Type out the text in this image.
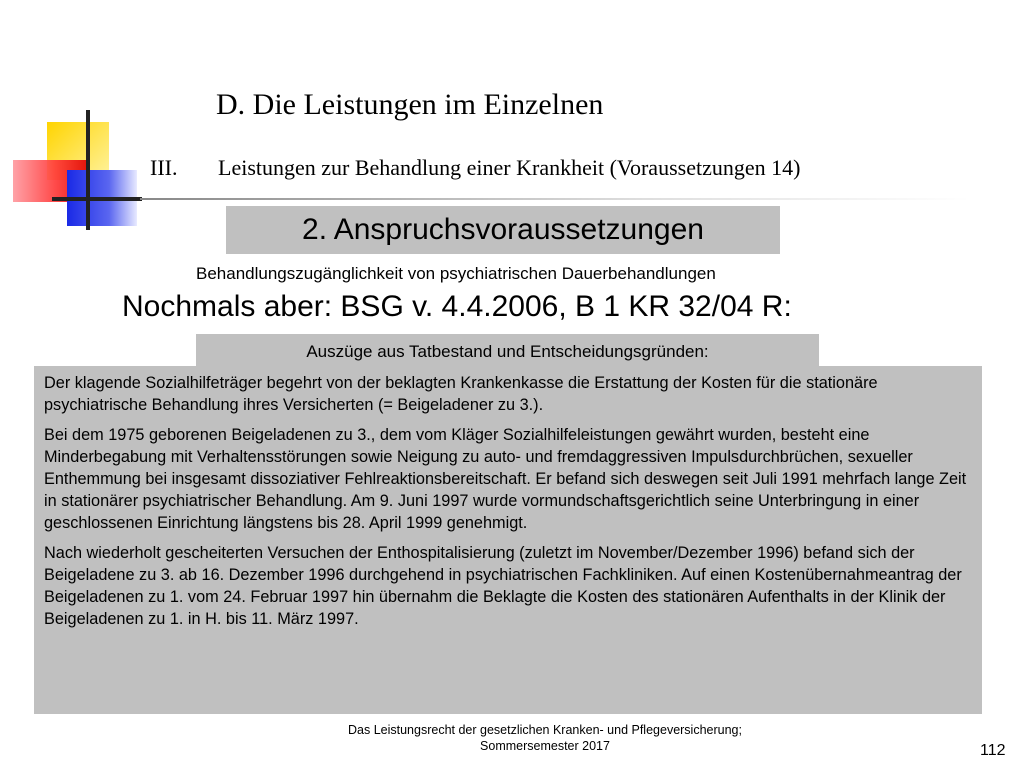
D. Die Leistungen im Einzelnen
III. Leistungen zur Behandlung einer Krankheit (Voraussetzungen 14)
2. Anspruchsvoraussetzungen
Behandlungszugänglichkeit von psychiatrischen Dauerbehandlungen
Nochmals aber: BSG v. 4.4.2006, B 1 KR 32/04 R:
Auszüge aus Tatbestand und Entscheidungsgründen:

Der klagende Sozialhilfeträger begehrt von der beklagten Krankenkasse die Erstattung der Kosten für die stationäre psychiatrische Behandlung ihres Versicherten (= Beigeladener zu 3.).

Bei dem 1975 geborenen Beigeladenen zu 3., dem vom Kläger Sozialhilfeleistungen gewährt wurden, besteht eine Minderbegabung mit Verhaltensstörungen sowie Neigung zu auto- und fremdaggressiven Impulsdurchbrüchen, sexueller Enthemmung bei insgesamt dissoziativer Fehlreaktionsbereitschaft. Er befand sich deswegen seit Juli 1991 mehrfach lange Zeit in stationärer psychiatrischer Behandlung. Am 9. Juni 1997 wurde vormundschaftsgerichtlich seine Unterbringung in einer geschlossenen Einrichtung längstens bis 28. April 1999 genehmigt.

Nach wiederholt gescheiterten Versuchen der Enthospitalisierung (zuletzt im November/Dezember 1996) befand sich der Beigeladene zu 3. ab 16. Dezember 1996 durchgehend in psychiatrischen Fachkliniken. Auf einen Kostenübernahmeantrag der Beigeladenen zu 1. vom 24. Februar 1997 hin übernahm die Beklagte die Kosten des stationären Aufenthalts in der Klinik der Beigeladenen zu 1. in H. bis 11. März 1997.

Das Leistungsrecht der gesetzlichen Kranken- und Pflegeversicherung;
Sommersemester 2017	112
